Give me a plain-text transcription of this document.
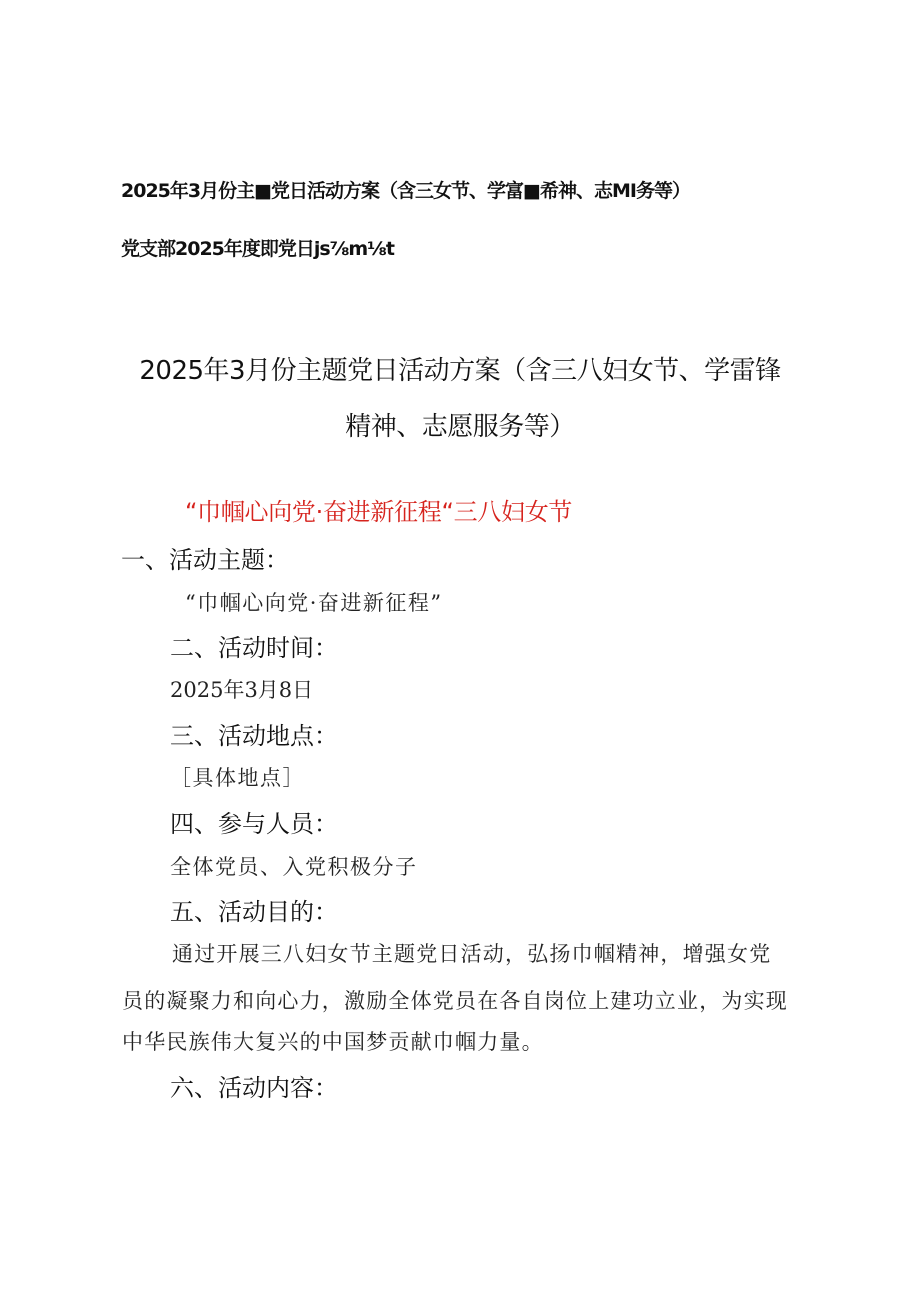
2025年3月份主■党日活动方案（含三女节、学富■希神、志MI务等）
党支部2025年度即党日js⅞m⅛t
2025年3月份主题党日活动方案（含三八妇女节、学雷锋
精神、志愿服务等）
“巾帼心向党·奋进新征程“三八妇女节
一、活动主题：
“巾帼心向党·奋进新征程”
二、活动时间：
2025年3月8日
三、活动地点：
［具体地点］
四、参与人员：
全体党员、入党积极分子
五、活动目的：
通过开展三八妇女节主题党日活动，弘扬巾帼精神，增强女党
员的凝聚力和向心力，激励全体党员在各自岗位上建功立业，为实现
中华民族伟大复兴的中国梦贡献巾帼力量。
六、活动内容：
